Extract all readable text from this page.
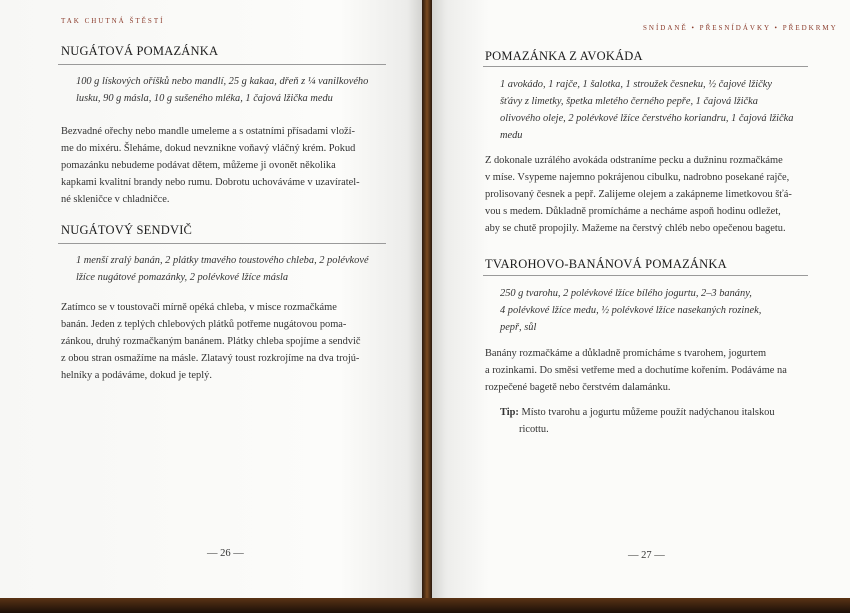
TAK CHUTNÁ ŠTĚSTÍ
NUGÁTOVÁ POMAZÁNKA
100 g lískových oříšků nebo mandlí, 25 g kakaa, dřeň z ¼ vanilkového
lusku, 90 g másla, 10 g sušeného mléka, 1 čajová lžička medu
Bezvadné ořechy nebo mandle umeleme a s ostatními přísadami vloží-
me do mixéru. Šleháme, dokud nevznikne voňavý vláčný krém. Pokud
pomazánku nebudeme podávat dětem, můžeme ji ovonět několika
kapkami kvalitní brandy nebo rumu. Dobrotu uchováváme v uzavíratel-
né skleničce v chladničce.
NUGÁTOVÝ SENDVIČ
1 menší zralý banán, 2 plátky tmavého toustového chleba, 2 polévkové
lžíce nugátové pomazánky, 2 polévkové lžíce másla
Zatímco se v toustovači mírně opéká chleba, v misce rozmačkáme
banán. Jeden z teplých chlebových plátků potřeme nugátovou poma-
zánkou, druhý rozmačkaným banánem. Plátky chleba spojíme a sendvič
z obou stran osmažíme na másle. Zlatavý toust rozkrojíme na dva trojú-
helníky a podáváme, dokud je teplý.
— 26 —
SNÍDANĚ • PŘESNÍDÁVKY • PŘEDKRMY
POMAZÁNKA Z AVOKÁDA
1 avokádo, 1 rajče, 1 šalotka, 1 stroužek česneku, ½ čajové lžičky
šťávy z limetky, špetka mletého černého pepře, 1 čajová lžička
olivového oleje, 2 polévkové lžíce čerstvého koriandru, 1 čajová lžička
medu
Z dokonale uzrálého avokáda odstraníme pecku a dužninu rozmačkáme
v míse. Vsypeme najemno pokrájenou cibulku, nadrobno posekané rajče,
prolisovaný česnek a pepř. Zalijeme olejem a zakápneme limetkovou šťá-
vou s medem. Důkladně promícháme a necháme aspoň hodinu odležet,
aby se chutě propojily. Mažeme na čerstvý chléb nebo opečenou bagetu.
TVAROHOVO-BANÁNOVÁ POMAZÁNKA
250 g tvarohu, 2 polévkové lžíce bílého jogurtu, 2–3 banány,
4 polévkové lžíce medu, ½ polévkové lžíce nasekaných rozinek,
pepř, sůl
Banány rozmačkáme a důkladně promícháme s tvarohem, jogurtem
a rozinkami. Do směsi vetřeme med a dochutíme kořením. Podáváme na
rozpečené bagetě nebo čerstvém dalamánku.
Tip: Místo tvarohu a jogurtu můžeme použít nadýchanou italskou
ricottu.
— 27 —
